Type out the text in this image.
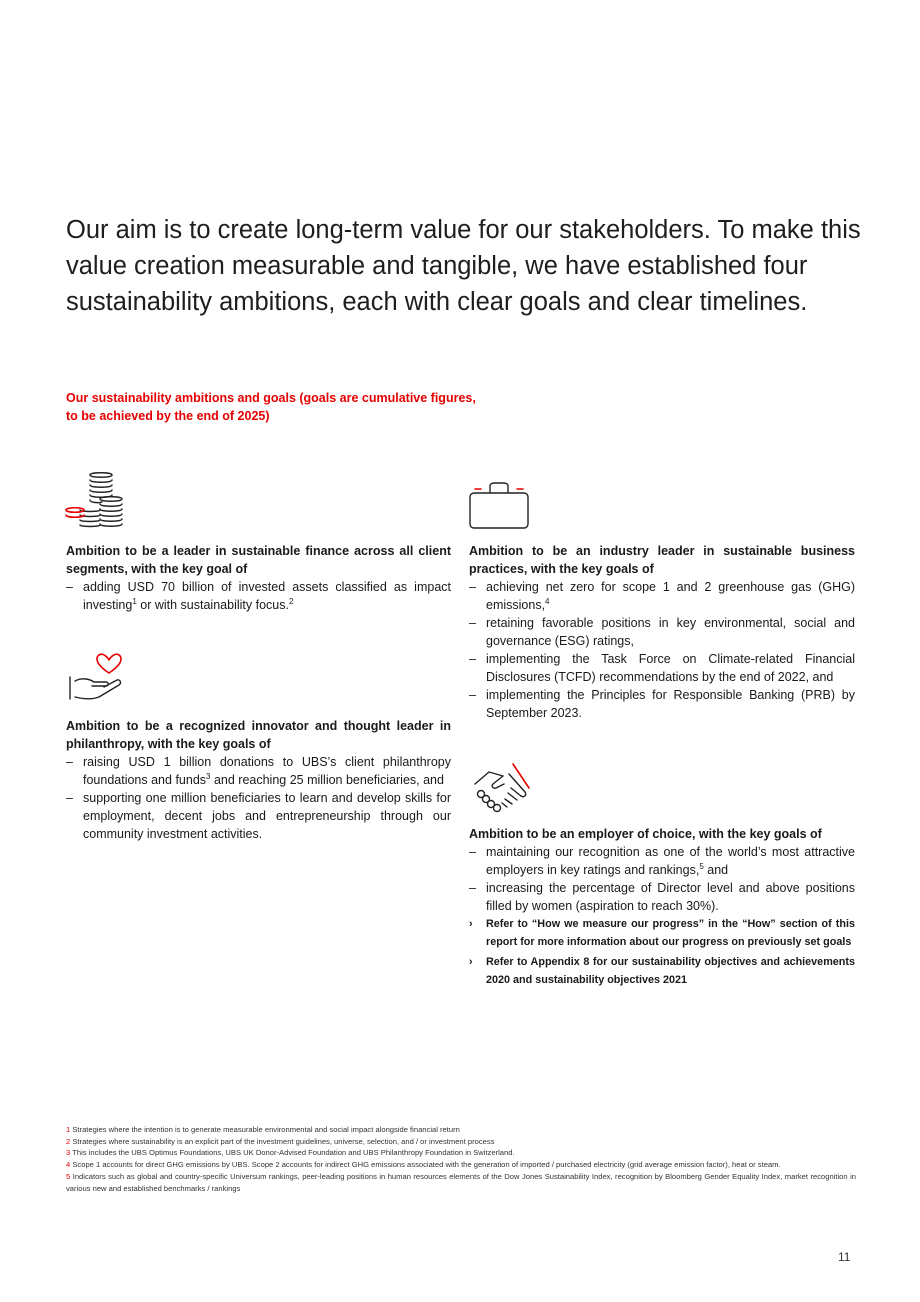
Our aim is to create long-term value for our stakeholders. To make this value creation measurable and tangible, we have established four sustainability ambitions, each with clear goals and clear timelines.

Our sustainability ambitions and goals (goals are cumulative figures, to be achieved by the end of 2025)

Ambition to be a leader in sustainable finance across all client segments, with the key goal of
– adding USD 70 billion of invested assets classified as impact investing$^1$ or with sustainability focus.$^2$
Ambition to be an industry leader in sustainable business practices, with the key goals of
– achieving net zero for scope 1 and 2 greenhouse gas (GHG) emissions,$^4$
– retaining favorable positions in key environmental, social and governance (ESG) ratings,
– implementing the Task Force on Climate-related Financial Disclosures (TCFD) recommendations by the end of 2022, and
– implementing the Principles for Responsible Banking (PRB) by September 2023.
Ambition to be a recognized innovator and thought leader in philanthropy, with the key goals of
– raising USD 1 billion donations to UBS’s client philanthropy foundations and funds$^3$ and reaching 25 million beneficiaries, and
– supporting one million beneficiaries to learn and develop skills for employment, decent jobs and entrepreneurship through our community investment activities.	Ambition to be an employer of choice, with the key goals of
– maintaining our recognition as one of the world’s most attractive employers in key ratings and rankings,$^5$ and
– increasing the percentage of Director level and above positions filled by women (aspiration to reach 30%).
› Refer to “How we measure our progress” in the “How” section of this report for more information about our progress on previously set goals
› Refer to Appendix 8 for our sustainability objectives and achievements 2020 and sustainability objectives 2021
1 Strategies where the intention is to generate measurable environmental and social impact alongside financial return
2 Strategies where sustainability is an explicit part of the investment guidelines, universe, selection, and / or investment process
3 This includes the UBS Optimus Foundations, UBS UK Donor-Advised Foundation and UBS Philanthropy Foundation in Switzerland.
4 Scope 1 accounts for direct GHG emissions by UBS. Scope 2 accounts for indirect GHG emissions associated with the generation of imported / purchased electricity (grid average emission factor), heat or steam.
5 Indicators such as global and country-specific Universum rankings, peer-leading positions in human resources elements of the Dow Jones Sustainability Index, recognition by Bloomberg Gender Equality Index, market recognition in various new and established benchmarks / rankings
11
